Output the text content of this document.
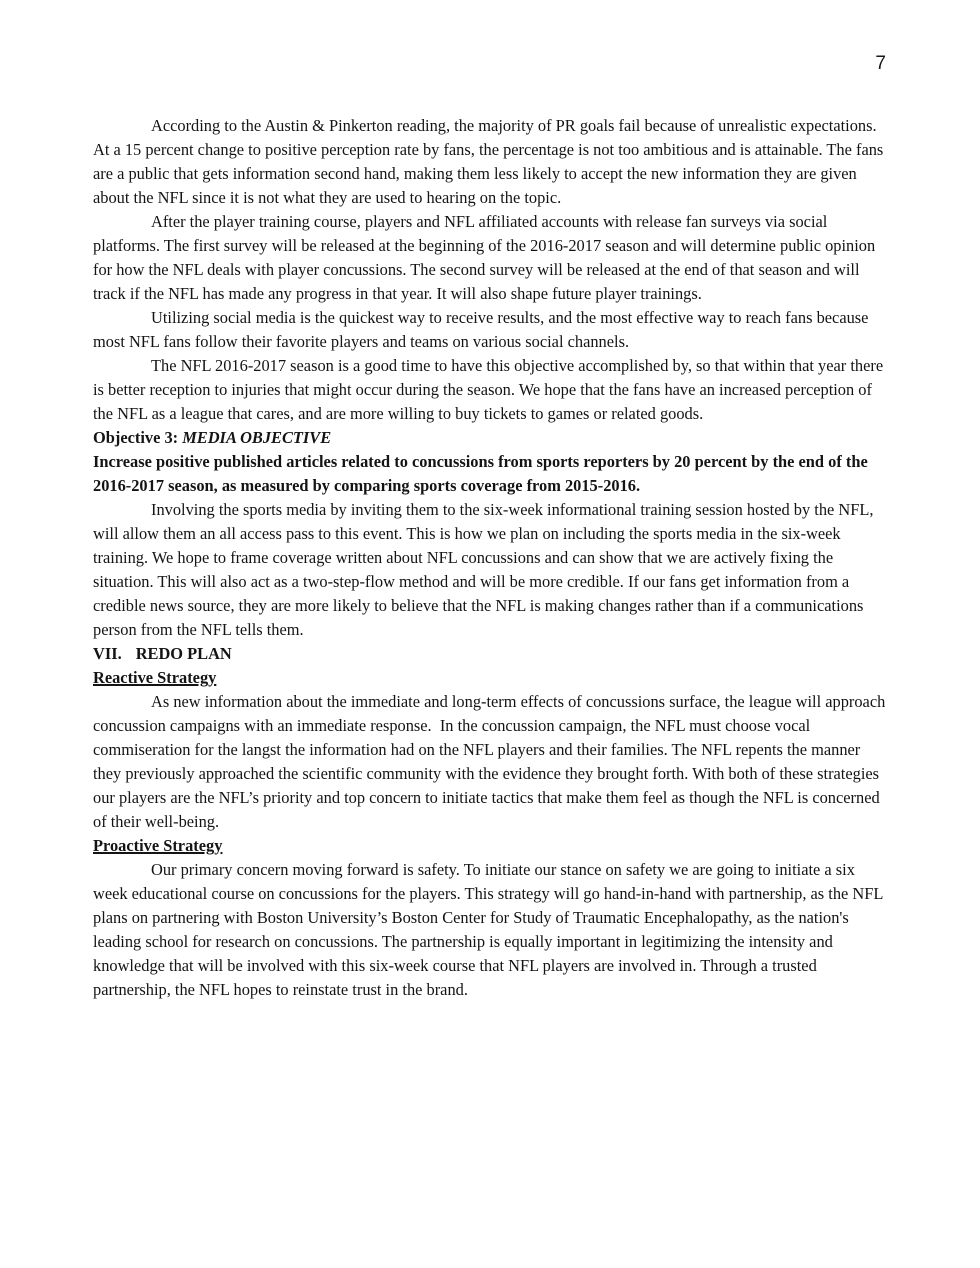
7

According to the Austin & Pinkerton reading, the majority of PR goals fail because of unrealistic expectations. At a 15 percent change to positive perception rate by fans, the percentage is not too ambitious and is attainable. The fans are a public that gets information second hand, making them less likely to accept the new information they are given about the NFL since it is not what they are used to hearing on the topic.

After the player training course, players and NFL affiliated accounts with release fan surveys via social platforms. The first survey will be released at the beginning of the 2016-2017 season and will determine public opinion for how the NFL deals with player concussions. The second survey will be released at the end of that season and will track if the NFL has made any progress in that year. It will also shape future player trainings.

Utilizing social media is the quickest way to receive results, and the most effective way to reach fans because most NFL fans follow their favorite players and teams on various social channels.

The NFL 2016-2017 season is a good time to have this objective accomplished by, so that within that year there is better reception to injuries that might occur during the season. We hope that the fans have an increased perception of the NFL as a league that cares, and are more willing to buy tickets to games or related goods.

Objective 3: MEDIA OBJECTIVE

Increase positive published articles related to concussions from sports reporters by 20 percent by the end of the 2016-2017 season, as measured by comparing sports coverage from 2015-2016.

Involving the sports media by inviting them to the six-week informational training session hosted by the NFL, will allow them an all access pass to this event. This is how we plan on including the sports media in the six-week training. We hope to frame coverage written about NFL concussions and can show that we are actively fixing the situation. This will also act as a two-step-flow method and will be more credible. If our fans get information from a credible news source, they are more likely to believe that the NFL is making changes rather than if a communications person from the NFL tells them.

VII. REDO PLAN
Reactive Strategy

As new information about the immediate and long-term effects of concussions surface, the league will approach concussion campaigns with an immediate response.  In the concussion campaign, the NFL must choose vocal commiseration for the langst the information had on the NFL players and their families. The NFL repents the manner they previously approached the scientific community with the evidence they brought forth. With both of these strategies our players are the NFL’s priority and top concern to initiate tactics that make them feel as though the NFL is concerned of their well-being.

Proactive Strategy

Our primary concern moving forward is safety. To initiate our stance on safety we are going to initiate a six week educational course on concussions for the players. This strategy will go hand-in-hand with partnership, as the NFL plans on partnering with Boston University’s Boston Center for Study of Traumatic Encephalopathy, as the nation's leading school for research on concussions. The partnership is equally important in legitimizing the intensity and knowledge that will be involved with this six-week course that NFL players are involved in. Through a trusted partnership, the NFL hopes to reinstate trust in the brand.
